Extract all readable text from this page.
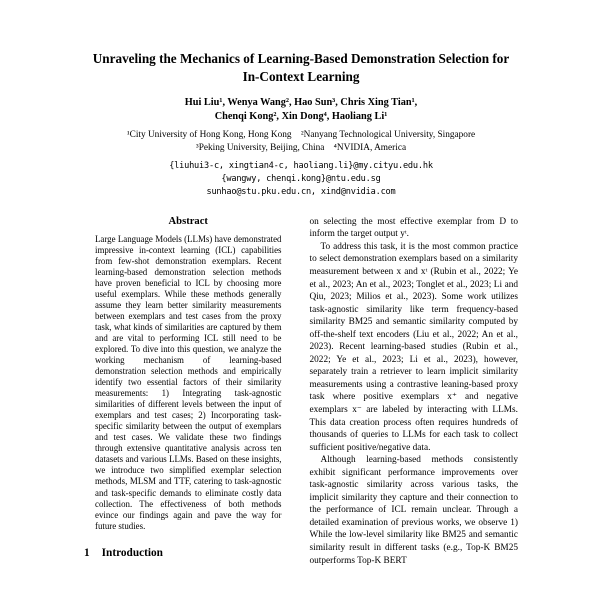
Unraveling the Mechanics of Learning-Based Demonstration Selection for In-Context Learning
Hui Liu¹, Wenya Wang², Hao Sun³, Chris Xing Tian¹,
Chenqi Kong², Xin Dong⁴, Haoliang Li¹
¹City University of Hong Kong, Hong Kong  ²Nanyang Technological University, Singapore
³Peking University, Beijing, China  ⁴NVIDIA, America
{liuhui3-c, xingtian4-c, haoliang.li}@my.cityu.edu.hk
{wangwy, chenqi.kong}@ntu.edu.sg
sunhao@stu.pku.edu.cn, xind@nvidia.com
Abstract

Large Language Models (LLMs) have demonstrated impressive in-context learning (ICL) capabilities from few-shot demonstration exemplars. Recent learning-based demonstration selection methods have proven beneficial to ICL by choosing more useful exemplars. While these methods generally assume they learn better similarity measurements between exemplars and test cases from the proxy task, what kinds of similarities are captured by them and are vital to performing ICL still need to be explored. To dive into this question, we analyze the working mechanism of learning-based demonstration selection methods and empirically identify two essential factors of their similarity measurements: 1) Integrating task-agnostic similarities of different levels between the input of exemplars and test cases; 2) Incorporating task-specific similarity between the output of exemplars and test cases. We validate these two findings through extensive quantitative analysis across ten datasets and various LLMs. Based on these insights, we introduce two simplified exemplar selection methods, MLSM and TTF, catering to task-agnostic and task-specific demands to eliminate costly data collection. The effectiveness of both methods evince our findings again and pave the way for future studies.

1 Introduction

on selecting the most effective exemplar from D to inform the target output yᵗ.

To address this task, it is the most common practice to select demonstration exemplars based on a similarity measurement between x and xᵗ (Rubin et al., 2022; Ye et al., 2023; An et al., 2023; Tonglet et al., 2023; Li and Qiu, 2023; Milios et al., 2023). Some work utilizes task-agnostic similarity like term frequency-based similarity BM25 and semantic similarity computed by off-the-shelf text encoders (Liu et al., 2022; An et al., 2023). Recent learning-based studies (Rubin et al., 2022; Ye et al., 2023; Li et al., 2023), however, separately train a retriever to learn implicit similarity measurements using a contrastive leaning-based proxy task where positive exemplars x⁺ and negative exemplars x⁻ are labeled by interacting with LLMs. This data creation process often requires hundreds of thousands of queries to LLMs for each task to collect sufficient positive/negative data.

Although learning-based methods consistently exhibit significant performance improvements over task-agnostic similarity across various tasks, the implicit similarity they capture and their connection to the performance of ICL remain unclear. Through a detailed examination of previous works, we observe 1) While the low-level similarity like BM25 and semantic similarity result in different tasks (e.g., Top-K BM25 outperforms Top-K BERT
